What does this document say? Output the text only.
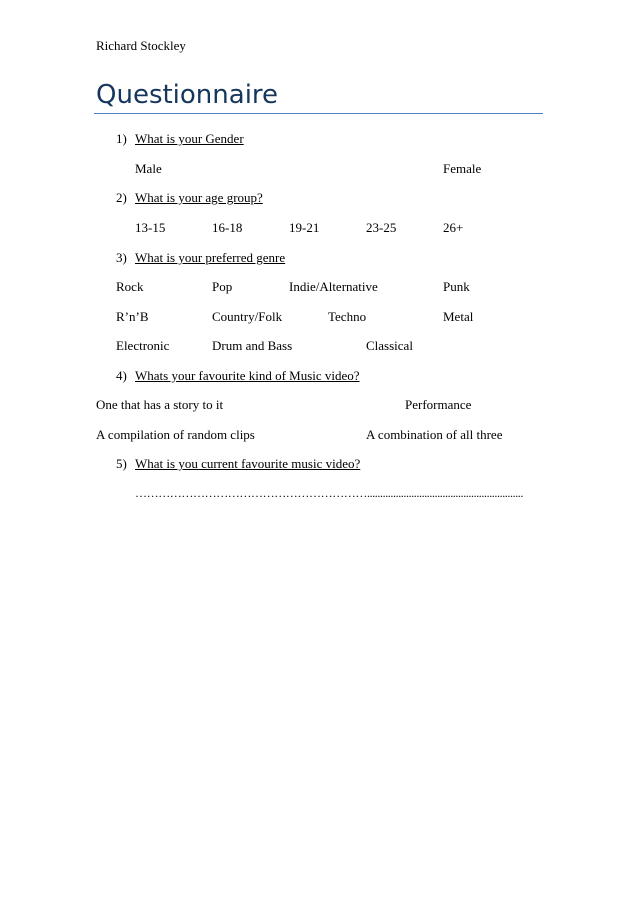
Richard Stockley
Questionnaire
1) What is your Gender
Male	Female
2) What is your age group?
13-15	16-18	19-21	23-25	26+
3) What is your preferred genre
Rock	Pop	Indie/Alternative	Punk
R’n’B	Country/Folk	Techno	Metal
Electronic	Drum and Bass	Classical
4) Whats your favourite kind of Music video?
One that has a story to it	Performance
A compilation of random clips	A combination of all three
5) What is you current favourite music video?
……………………………………………………............................................................
